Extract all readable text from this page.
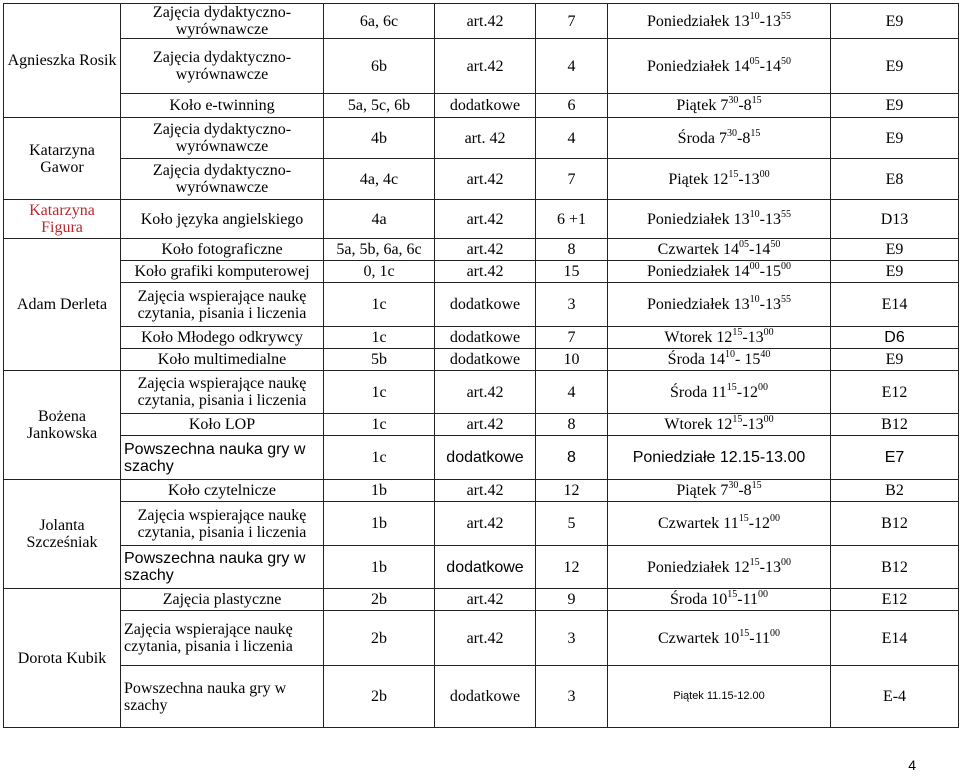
Agnieszka Rosik	Zajęcia dydaktyczno-wyrównawcze	6a, 6c	art.42	7	Poniedziałek $13^{10}-13^{55}$	E9
	Zajęcia dydaktyczno-wyrównawcze	6b	art.42	4	Poniedziałek $14^{05}-14^{50}$	E9
	Koło e-twinning	5a, 5c, 6b	dodatkowe	6	Piątek $7^{30}-8^{15}$	E9
Katarzyna Gawor	Zajęcia dydaktyczno-wyrównawcze	4b	art. 42	4	Środa $7^{30}-8^{15}$	E9
	Zajęcia dydaktyczno-wyrównawcze	4a, 4c	art.42	7	Piątek $12^{15}-13^{00}$	E8
Katarzyna Figura	Koło języka angielskiego	4a	art.42	6 +1	Poniedziałek $13^{10}-13^{55}$	D13
Adam Derleta	Koło fotograficzne	5a, 5b, 6a, 6c	art.42	8	Czwartek $14^{05}-14^{50}$	E9
	Koło grafiki komputerowej	0, 1c	art.42	15	Poniedziałek $14^{00}-15^{00}$	E9
	Zajęcia wspierające naukę czytania, pisania i liczenia	1c	dodatkowe	3	Poniedziałek $13^{10}-13^{55}$	E14
	Koło Młodego odkrywcy	1c	dodatkowe	7	Wtorek $12^{15}-13^{00}$	D6
	Koło multimedialne	5b	dodatkowe	10	Środa $14^{10}-$ $15^{40}$	E9
Bożena Jankowska	Zajęcia wspierające naukę czytania, pisania i liczenia	1c	art.42	4	Środa $11^{15}-12^{00}$	E12
	Koło LOP	1c	art.42	8	Wtorek $12^{15}-13^{00}$	B12
	Powszechna nauka gry w szachy	1c	dodatkowe	8	Poniedziałe 12.15-13.00	E7
Jolanta Szcześniak	Koło czytelnicze	1b	art.42	12	Piątek $7^{30}-8^{15}$	B2
	Zajęcia wspierające naukę czytania, pisania i liczenia	1b	art.42	5	Czwartek $11^{15}-12^{00}$	B12
	Powszechna nauka gry w szachy	1b	dodatkowe	12	Poniedziałek $12^{15}-13^{00}$	B12
Dorota Kubik	Zajęcia plastyczne	2b	art.42	9	Środa $10^{15}-11^{00}$	E12
	Zajęcia wspierające naukę czytania, pisania i liczenia	2b	art.42	3	Czwartek $10^{15}-11^{00}$	E14
	Powszechna nauka gry w szachy	2b	dodatkowe	3	Piątek 11.15-12.00	E-4
4
